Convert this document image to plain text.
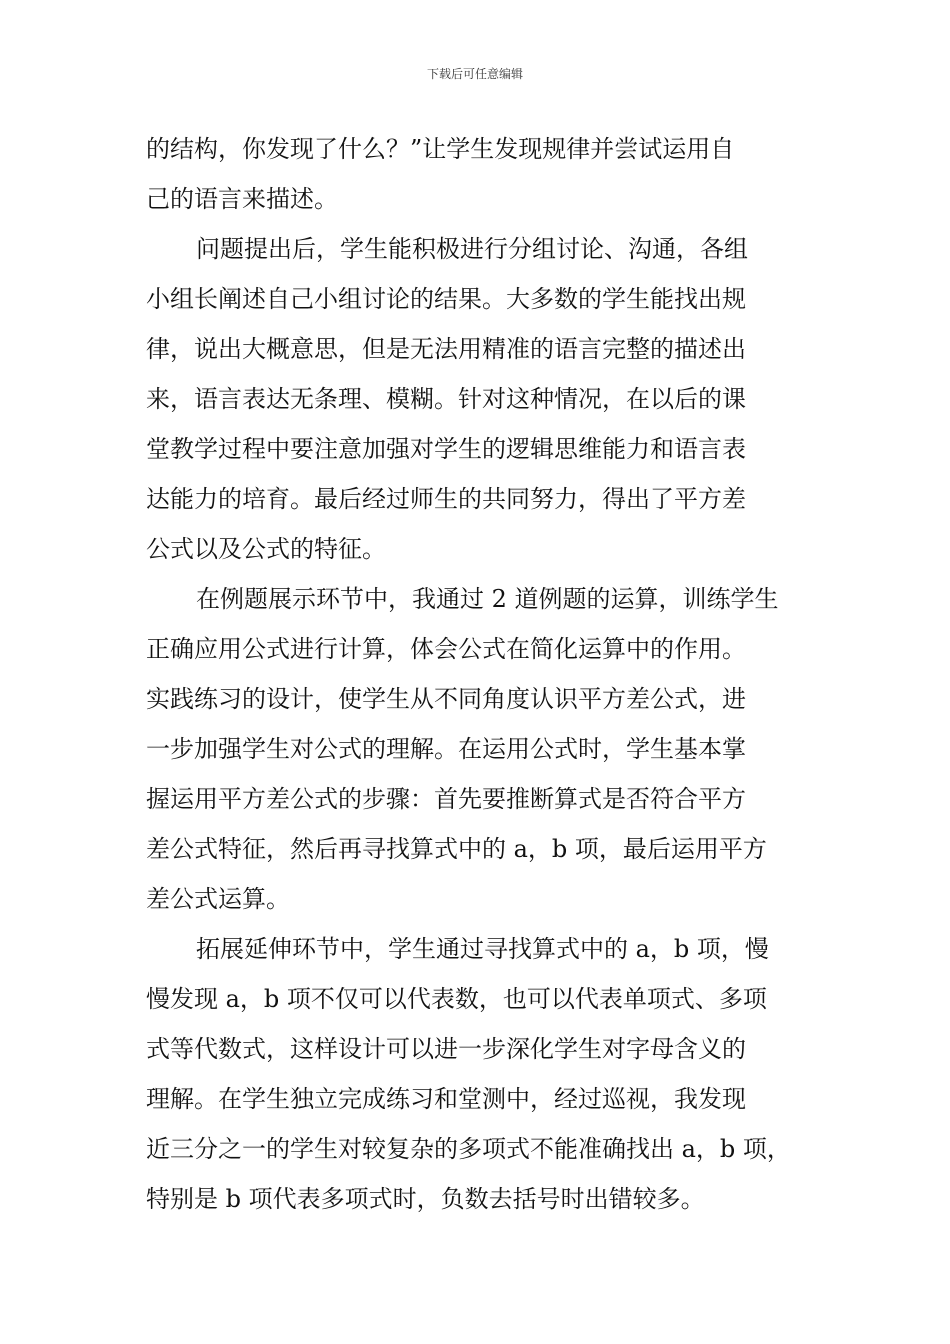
下载后可任意编辑
的结构，你发现了什么？”让学生发现规律并尝试运用自
己的语言来描述。
问题提出后，学生能积极进行分组讨论、沟通，各组
小组长阐述自己小组讨论的结果。大多数的学生能找出规
律，说出大概意思，但是无法用精准的语言完整的描述出
来，语言表达无条理、模糊。针对这种情况，在以后的课
堂教学过程中要注意加强对学生的逻辑思维能力和语言表
达能力的培育。最后经过师生的共同努力，得出了平方差
公式以及公式的特征。
在例题展示环节中，我通过 2 道例题的运算，训练学生
正确应用公式进行计算，体会公式在简化运算中的作用。
实践练习的设计，使学生从不同角度认识平方差公式，进
一步加强学生对公式的理解。在运用公式时，学生基本掌
握运用平方差公式的步骤：首先要推断算式是否符合平方
差公式特征，然后再寻找算式中的 a，b 项，最后运用平方
差公式运算。
拓展延伸环节中，学生通过寻找算式中的 a，b 项，慢
慢发现 a，b 项不仅可以代表数，也可以代表单项式、多项
式等代数式，这样设计可以进一步深化学生对字母含义的
理解。在学生独立完成练习和堂测中，经过巡视，我发现
近三分之一的学生对较复杂的多项式不能准确找出 a，b 项，
特别是 b 项代表多项式时，负数去括号时出错较多。
